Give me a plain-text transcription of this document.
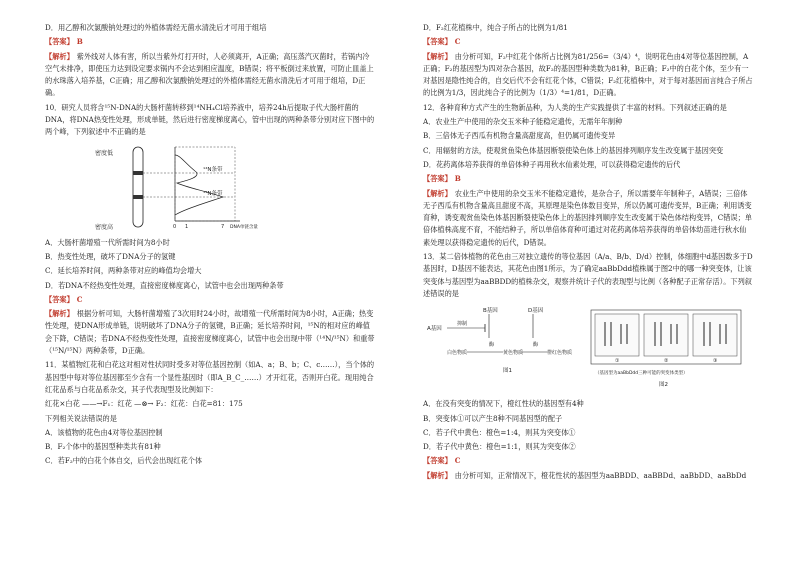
D．用乙醇和次氯酸钠处理过的外植体需经无菌水清洗后才可用于组培
【答案】 B
【解析】 紫外线对人体有害，所以当紫外灯打开时，人必须离开，A正确；高压蒸汽灭菌时，若锅内冷空气未排净，即使压力达到设定要求锅内不会达到相应温度，B错误；将平板倒过来放置，可防止皿盖上的水珠落入培养基，C正确；用乙醇和次氯酸钠处理过的外植体需经无菌水清洗后才可用于组培，D正确。
10．研究人员将含¹⁵N-DNA的大肠杆菌转移到¹⁴NH₄Cl培养液中，培养24h后提取子代大肠杆菌的DNA，将DNA热变性处理，形成单链，然后进行密度梯度离心，管中出现的两种条带分别对应下图中的两个峰，下列叙述中不正确的是
密度低
密度高
¹⁴N条带
¹⁵N条带
0 1	7 DNA单链含量
A．大肠杆菌增殖一代所需时间为8小时
B．热变性处理，破坏了DNA分子的氢键
C．延长培养时间，两种条带对应的峰值均会增大
D．若DNA不经热变性处理，直接密度梯度离心，试管中也会出现两种条带
【答案】 C
【解析】 根据分析可知，大肠杆菌增殖了3次用时24小时，故增殖一代所需时间为8小时，A正确；热变性处理，使DNA形成单链，说明破坏了DNA分子的氢键，B正确；延长培养时间，¹⁵N的相对应的峰值会下降，C错误；若DNA不经热变性处理，直接密度梯度离心，试管中也会出现中带（¹⁴N/¹⁵N）和重带（¹⁵N/¹⁵N）两种条带，D正确。
11．某植物红花和白花这对相对性状同时受多对等位基因控制（如A、a；B、b；C、c……），当个体的基因型中每对等位基因都至少含有一个显性基因时（即A_B_C_……）才开红花，否则开白花。现用纯合红花品系与白花品系杂交，其子代表现型及比例如下：
红花×白花 ——→F₁：红花 —⊗→ F₂：红花：白花=81：175
下列相关说法错误的是
A．该植物的花色由4对等位基因控制
B．F₂个体中的基因型种类共有81种
C．若F₂中的白花个体自交，后代会出现红花个体
D．F₂红花植株中，纯合子所占的比例为1/81
【答案】 C
【解析】 由分析可知，F₂中红花个体所占比例为81/256=（3/4）⁴，说明花色由4对等位基因控制，A正确；F₂的基因型为四对杂合基因，故F₂的基因型种类数为81种，B正确；F₂中的白花个体，至少有一对基因是隐性纯合的，自交后代不会有红花个体，C错误；F₂红花植株中，对于每对基因而言纯合子所占的比例为1/3，因此纯合子的比例为（1/3）⁴=1/81，D正确。
12．各种育种方式产生的生物新品种，为人类的生产实践提供了丰富的材料。下列叙述正确的是
A．农业生产中使用的杂交玉米种子能稳定遗传，无需年年制种
B．三倍体无子西瓜有机物含量高甜度高，但仍属可遗传变异
C．用辐射的方法，使观赏鱼染色体基因断裂使染色体上的基因排列顺序发生改变属于基因突变
D．花药离体培养获得的单倍体种子再用秋水仙素处理，可以获得稳定遗传的后代
【答案】 B
【解析】 农业生产中使用的杂交玉米不能稳定遗传，是杂合子，所以需要年年制种子，A错误；三倍体无子西瓜有机物含量高且甜度不高，其原理是染色体数目变异，所以仍属可遗传变异，B正确；利用诱变育种，诱变观赏鱼染色体基因断裂使染色体上的基因排列顺序发生改变属于染色体结构变异，C错误；单倍体植株高度不育，不能结种子，所以单倍体育种可通过对花药离体培养获得的单倍体幼苗进行秋水仙素处理以获得稳定遗传的后代，D错误。
13．某二倍体植物的花色由三对独立遗传的等位基因（A/a、B/b、D/d）控制，体细胞中d基因数多于D基因时，D基因不能表达，其花色由图1所示，为了确定aaBbDdd植株属于图2中的哪一种突变体，让该突变体与基因型为aaBBDD的植株杂交，观察并统计子代的表现型与比例（各种配子正常存活）。下列叙述错误的是
B基因	D基因
A基因
抑制
酶	酶
白色物质	黄色物质	橙红色物质
图1
①	②	③
（基因型为aaBbDdd三种可能的突变体类型）
图2
A．在没有突变的情况下，橙红性状的基因型有4种
B．突变体①可以产生8种不同基因型的配子
C．若子代中黄色：橙色=1:4，则其为突变体①
D．若子代中黄色：橙色=1:1，则其为突变体②
【答案】 C
【解析】 由分析可知，正常情况下，橙花性状的基因型为aaBBDD、aaBBDd、aaBbDD、aaBbDd
